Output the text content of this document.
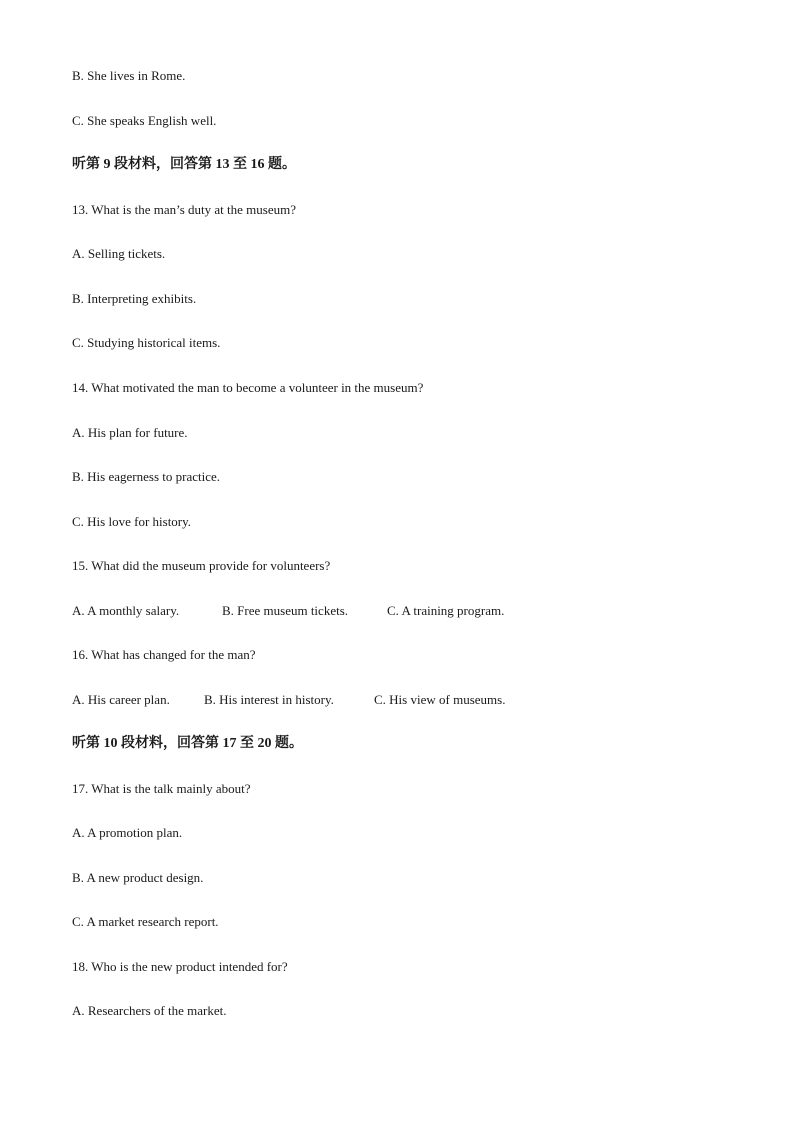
B. She lives in Rome.
C. She speaks English well.
听第 9 段材料，回答第 13 至 16 题。
13. What is the man’s duty at the museum?
A. Selling tickets.
B. Interpreting exhibits.
C. Studying historical items.
14. What motivated the man to become a volunteer in the museum?
A. His plan for future.
B. His eagerness to practice.
C. His love for history.
15. What did the museum provide for volunteers?
A. A monthly salary.	B. Free museum tickets.	C. A training program.
16. What has changed for the man?
A. His career plan.	B. His interest in history.	C. His view of museums.
听第 10 段材料，回答第 17 至 20 题。
17. What is the talk mainly about?
A. A promotion plan.
B. A new product design.
C. A market research report.
18. Who is the new product intended for?
A. Researchers of the market.
